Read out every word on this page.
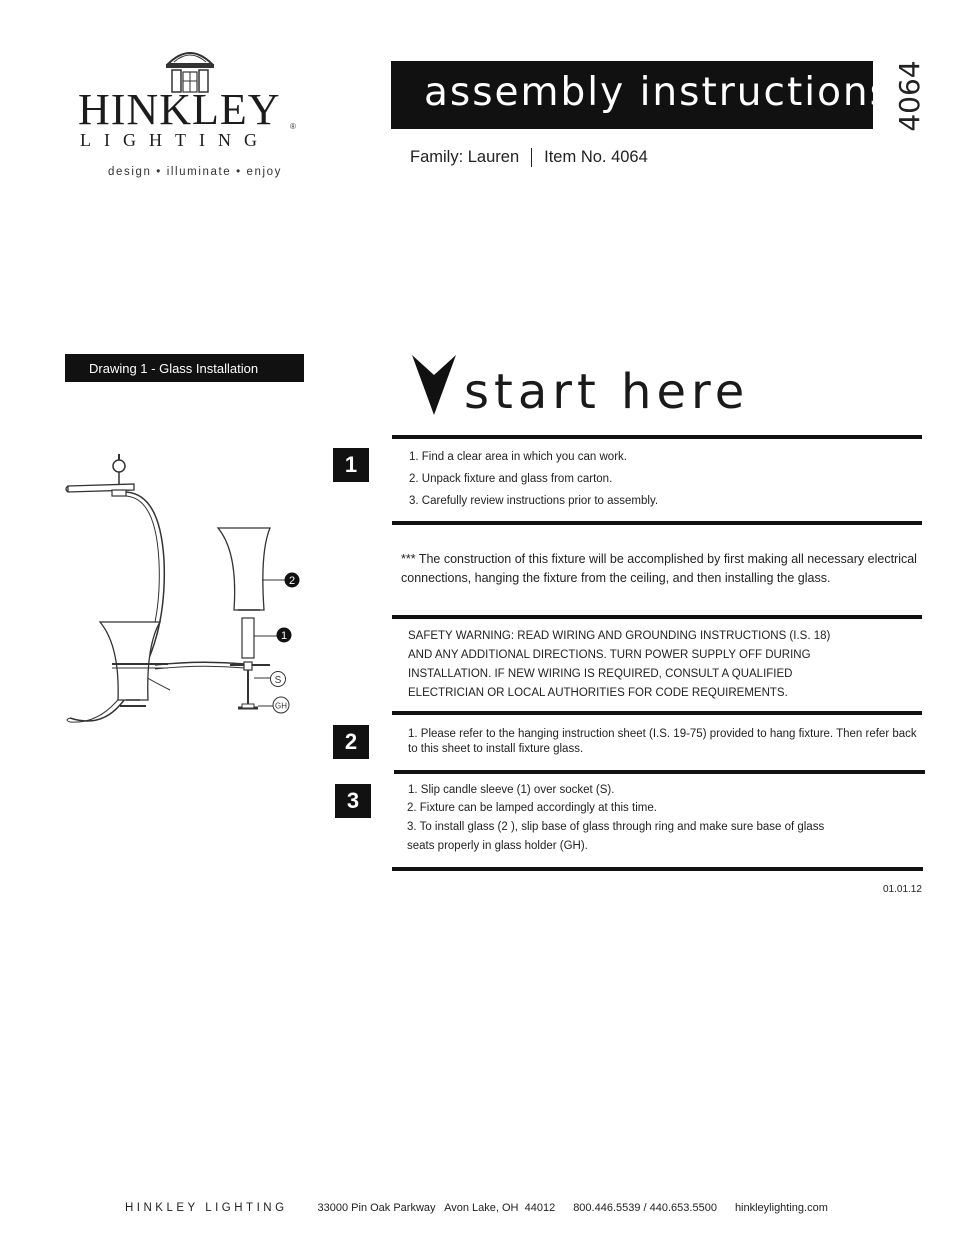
HINKLEY	®
LIGHTING
design • illuminate • enjoy
assembly instructions 4064
Family: Lauren Item No. 4064
Drawing 1 - Glass Installation
2
1
S
GH
start here
1	1. Find a clear area in which you can work.
2. Unpack fixture and glass from carton.
3. Carefully review instructions prior to assembly.
*** The construction of this fixture will be accomplished by first making all necessary electrical
connections, hanging the fixture from the ceiling, and then installing the glass.
SAFETY WARNING: READ WIRING AND GROUNDING INSTRUCTIONS (I.S. 18)
AND ANY ADDITIONAL DIRECTIONS. TURN POWER SUPPLY OFF DURING
INSTALLATION. IF NEW WIRING IS REQUIRED, CONSULT A QUALIFIED
ELECTRICIAN OR LOCAL AUTHORITIES FOR CODE REQUIREMENTS.
2	1. Please refer to the hanging instruction sheet (I.S. 19-75) provided to hang fixture. Then refer back
to this sheet to install fixture glass.
3	1. Slip candle sleeve (1) over socket (S).
2. Fixture can be lamped accordingly at this time.
3. To install glass (2 ), slip base of glass through ring and make sure base of glass
seats properly in glass holder (GH).
01.01.12
HINKLEY LIGHTING	33000 Pin Oak Parkway   Avon Lake, OH  44012 800.446.5539 / 440.653.5500 hinkleylighting.com
